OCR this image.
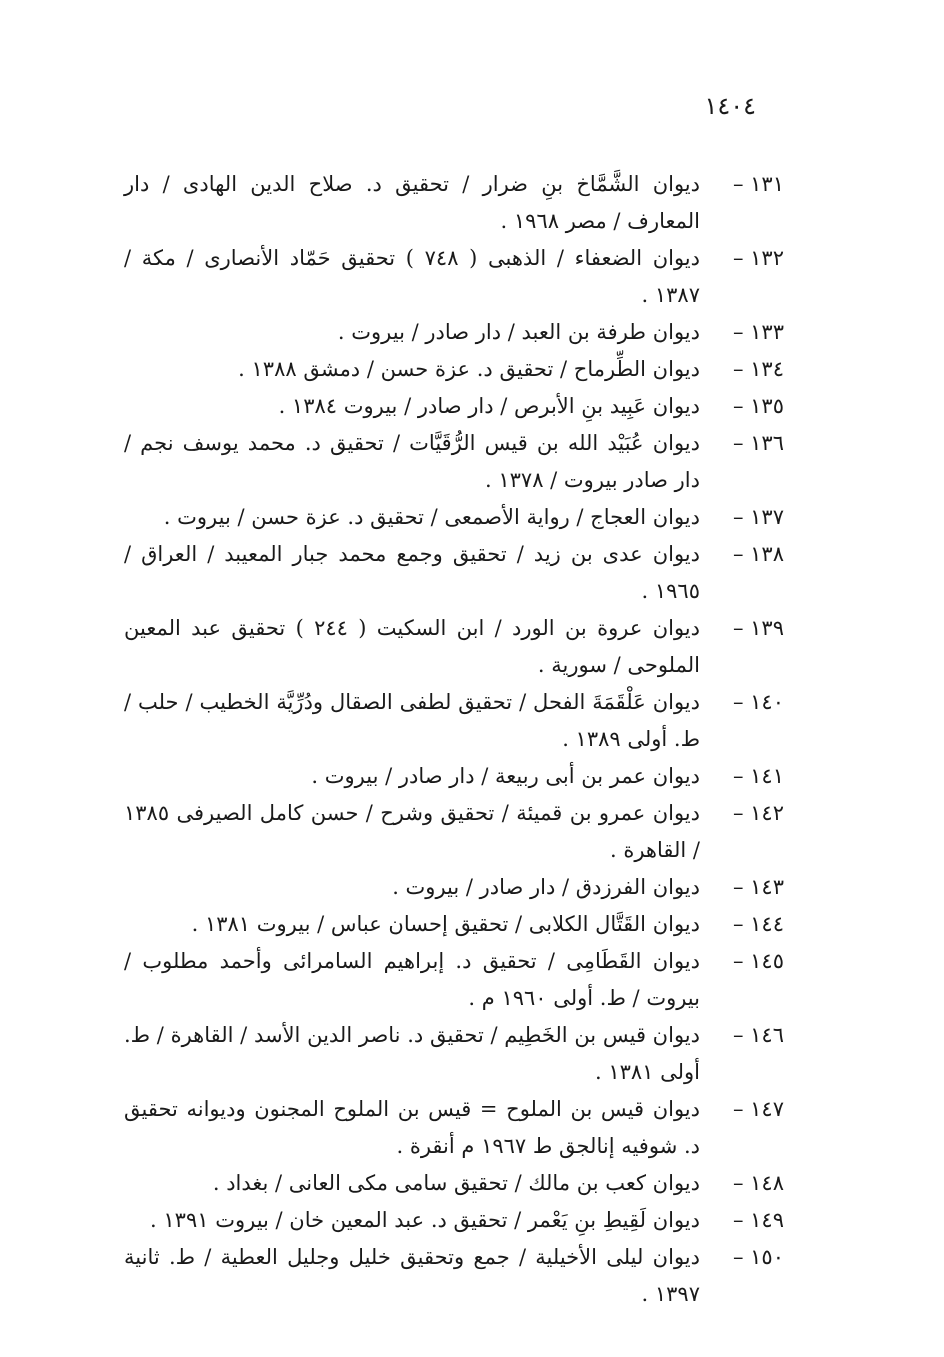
١٤٠٤
١٣١ –
ديوان الشَّمَّاخ بنِ ضرار / تحقيق د. صلاح الدين الهادى / دار المعارف / مصر ١٩٦٨ .
١٣٢ –
ديوان الضعفاء / الذهبى ( ٧٤٨ ) تحقيق حَمّاد الأنصارى / مكة / ١٣٨٧ .
١٣٣ –
ديوان طرفة بن العبد / دار صادر / بيروت .
١٣٤ –
ديوان الطِّرماح / تحقيق د. عزة حسن / دمشق ١٣٨٨ .
١٣٥ –
ديوان عَبِيد بنِ الأبرص / دار صادر / بيروت ١٣٨٤ .
١٣٦ –
ديوان عُبَيْد الله بن قيس الرُّقَيَّات / تحقيق د. محمد يوسف نجم / دار صادر بيروت / ١٣٧٨ .
١٣٧ –
ديوان العجاج / رواية الأصمعى / تحقيق د. عزة حسن / بيروت .
١٣٨ –
ديوان عدى بن زيد / تحقيق وجمع محمد جبار المعيبد / العراق / ١٩٦٥ .
١٣٩ –
ديوان عروة بن الورد / ابن السكيت ( ٢٤٤ ) تحقيق عبد المعين الملوحى / سورية .
١٤٠ –
ديوان عَلْقَمَةَ الفحل / تحقيق لطفى الصقال ودُرِّيَّة الخطيب / حلب / ط. أولى ١٣٨٩ .
١٤١ –
ديوان عمر بن أبى ربيعة / دار صادر / بيروت .
١٤٢ –
ديوان عمرو بن قميئة / تحقيق وشرح / حسن كامل الصيرفى ١٣٨٥ / القاهرة .
١٤٣ –
ديوان الفرزدق / دار صادر / بيروت .
١٤٤ –
ديوان القَتَّال الكلابى / تحقيق إحسان عباس / بيروت ١٣٨١ .
١٤٥ –
ديوان القَطَامِى / تحقيق د. إبراهيم السامرائى وأحمد مطلوب / بيروت / ط. أولى ١٩٦٠ م .
١٤٦ –
ديوان قيس بن الخَطِيم / تحقيق د. ناصر الدين الأسد / القاهرة / ط. أولى ١٣٨١ .
١٤٧ –
ديوان قيس بن الملوح = قيس بن الملوح المجنون وديوانه تحقيق د. شوفيه إنالجق ط ١٩٦٧ م أنقرة .
١٤٨ –
ديوان كعب بن مالك / تحقيق سامى مكى العانى / بغداد .
١٤٩ –
ديوان لَقِيطِ بنِ يَعْمر / تحقيق د. عبد المعين خان / بيروت ١٣٩١ .
١٥٠ –
ديوان ليلى الأخيلية / جمع وتحقيق خليل وجليل العطية / ط. ثانية ١٣٩٧ .
